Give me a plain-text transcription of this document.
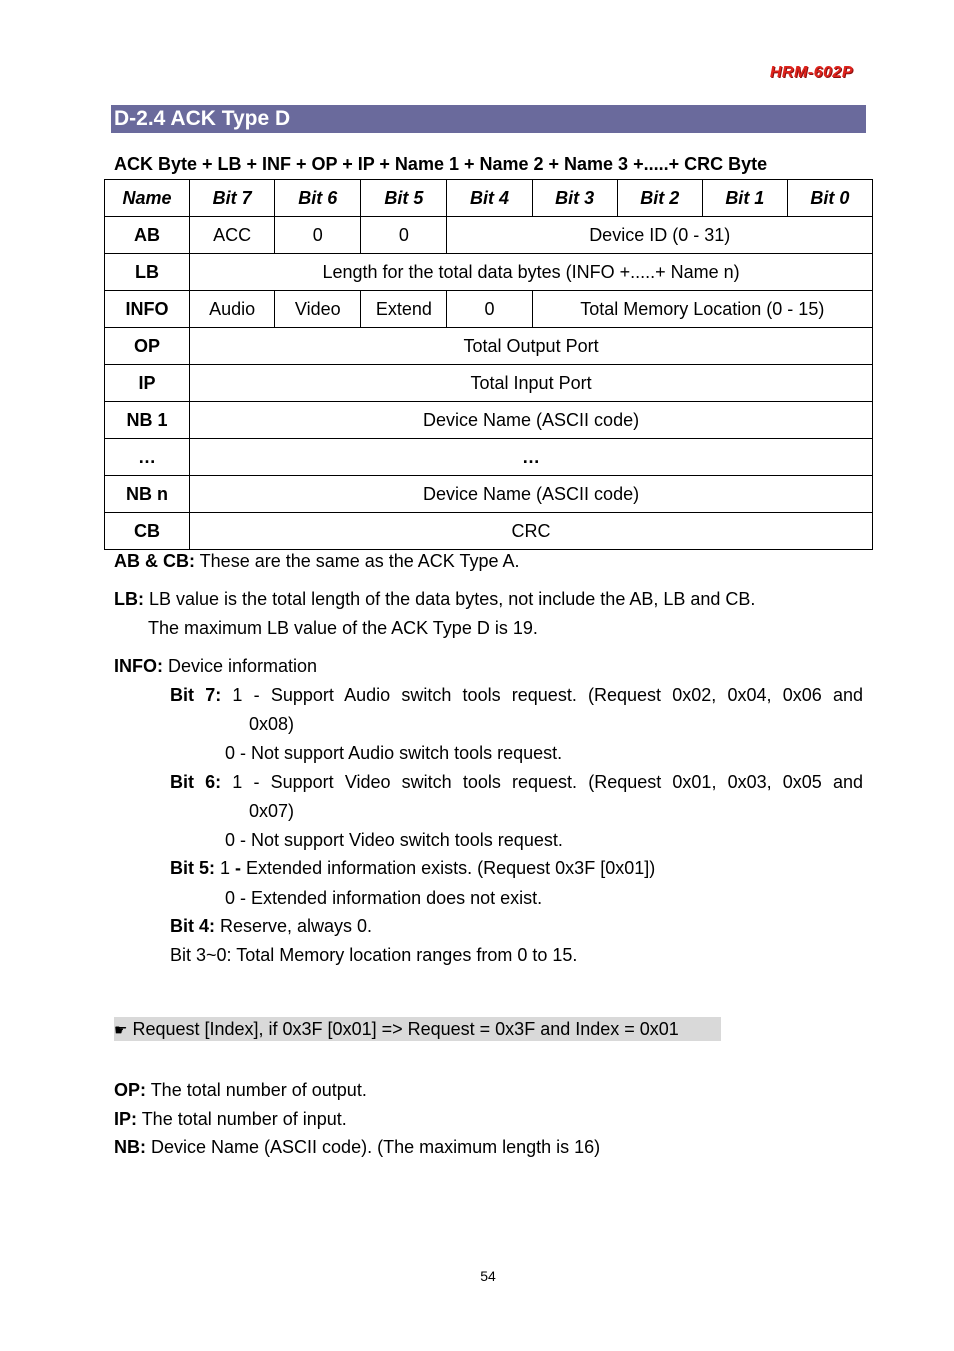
HRM-602P
D-2.4 ACK Type D
ACK Byte + LB + INF + OP + IP + Name 1 + Name 2 + Name 3 +.....+ CRC Byte
Name	Bit 7	Bit 6	Bit 5	Bit 4	Bit 3	Bit 2	Bit 1	Bit 0
AB	ACC	0	0	Device ID (0 - 31)				
LB	Length for the total data bytes (INFO +.....+ Name n)							
INFO	Audio	Video	Extend	0	Total Memory Location (0 - 15)			
OP	Total Output Port							
IP	Total Input Port							
NB 1	Device Name (ASCII code)							
…	…							
NB n	Device Name (ASCII code)							
CB	CRC							
AB & CB: These are the same as the ACK Type A.
LB: LB value is the total length of the data bytes, not include the AB, LB and CB.
The maximum LB value of the ACK Type D is 19.
INFO: Device information
Bit 7: 1 - Support Audio switch tools request. (Request 0x02, 0x04, 0x06 and
0x08)
0 - Not support Audio switch tools request.
Bit 6: 1 - Support Video switch tools request. (Request 0x01, 0x03, 0x05 and
0x07)
0 - Not support Video switch tools request.
Bit 5: 1 - Extended information exists. (Request 0x3F [0x01])
0 - Extended information does not exist.
Bit 4: Reserve, always 0.
Bit 3~0: Total Memory location ranges from 0 to 15.
☛ Request [Index], if 0x3F [0x01] => Request = 0x3F and Index = 0x01
OP: The total number of output.
IP: The total number of input.
NB: Device Name (ASCII code). (The maximum length is 16)
54
